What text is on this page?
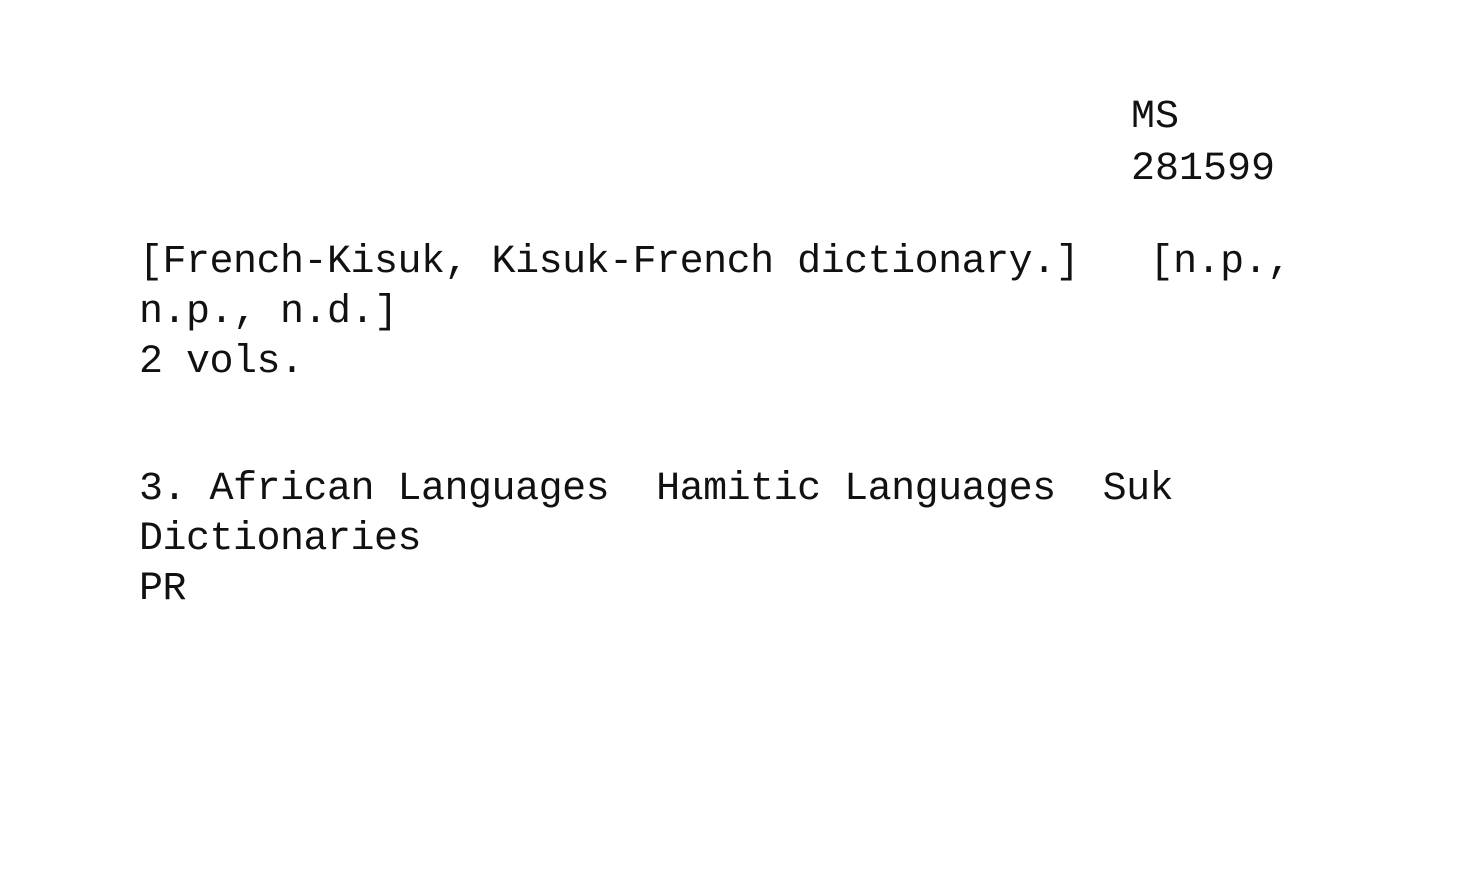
MS
281599
[French-Kisuk, Kisuk-French dictionary.]   [n.p.,
n.p., n.d.]
2 vols.
3. African Languages  Hamitic Languages  Suk
Dictionaries
PR
